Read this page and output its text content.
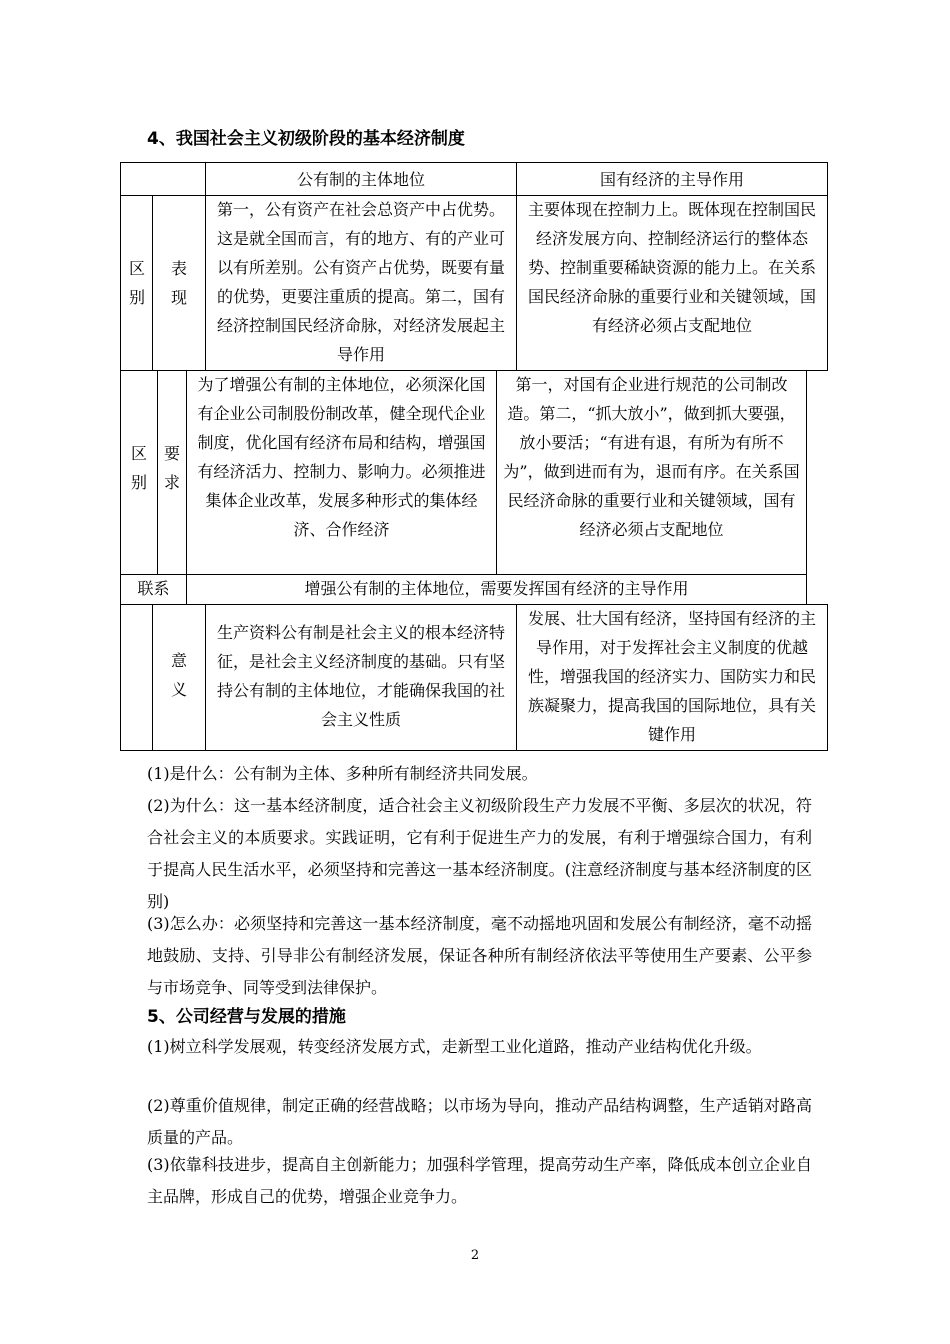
4、我国社会主义初级阶段的基本经济制度
公有制的主体地位	国有经济的主导作用
区
别
表
现
第一，公有资产在社会总资产中占优势。这是就全国而言，有的地方、有的产业可以有所差别。公有资产占优势，既要有量的优势，更要注重质的提高。第二，国有经济控制国民经济命脉，对经济发展起主导作用
主要体现在控制力上。既体现在控制国民经济发展方向、控制经济运行的整体态势、控制重要稀缺资源的能力上。在关系国民经济命脉的重要行业和关键领域，国有经济必须占支配地位
区
别
要
求
为了增强公有制的主体地位，必须深化国有企业公司制股份制改革，健全现代企业制度，优化国有经济布局和结构，增强国有经济活力、控制力、影响力。必须推进集体企业改革，发展多种形式的集体经济、合作经济
第一，对国有企业进行规范的公司制改造。第二，“抓大放小”，做到抓大要强，放小要活；“有进有退，有所为有所不为”，做到进而有为，退而有序。在关系国民经济命脉的重要行业和关键领域，国有经济必须占支配地位
联系	增强公有制的主体地位，需要发挥国有经济的主导作用
意
义
生产资料公有制是社会主义的根本经济特征，是社会主义经济制度的基础。只有坚持公有制的主体地位，才能确保我国的社会主义性质
发展、壮大国有经济，坚持国有经济的主导作用，对于发挥社会主义制度的优越性，增强我国的经济实力、国防实力和民族凝聚力，提高我国的国际地位，具有关键作用
(1)是什么：公有制为主体、多种所有制经济共同发展。
(2)为什么：这一基本经济制度，适合社会主义初级阶段生产力发展不平衡、多层次的状况，符合社会主义的本质要求。实践证明，它有利于促进生产力的发展，有利于增强综合国力，有利于提高人民生活水平，必须坚持和完善这一基本经济制度。(注意经济制度与基本经济制度的区别)
(3)怎么办：必须坚持和完善这一基本经济制度，毫不动摇地巩固和发展公有制经济，毫不动摇地鼓励、支持、引导非公有制经济发展，保证各种所有制经济依法平等使用生产要素、公平参与市场竞争、同等受到法律保护。
5、公司经营与发展的措施
(1)树立科学发展观，转变经济发展方式，走新型工业化道路，推动产业结构优化升级。
(2)尊重价值规律，制定正确的经营战略；以市场为导向，推动产品结构调整，生产适销对路高质量的产品。
(3)依靠科技进步，提高自主创新能力；加强科学管理，提高劳动生产率，降低成本创立企业自主品牌，形成自己的优势，增强企业竞争力。
2
